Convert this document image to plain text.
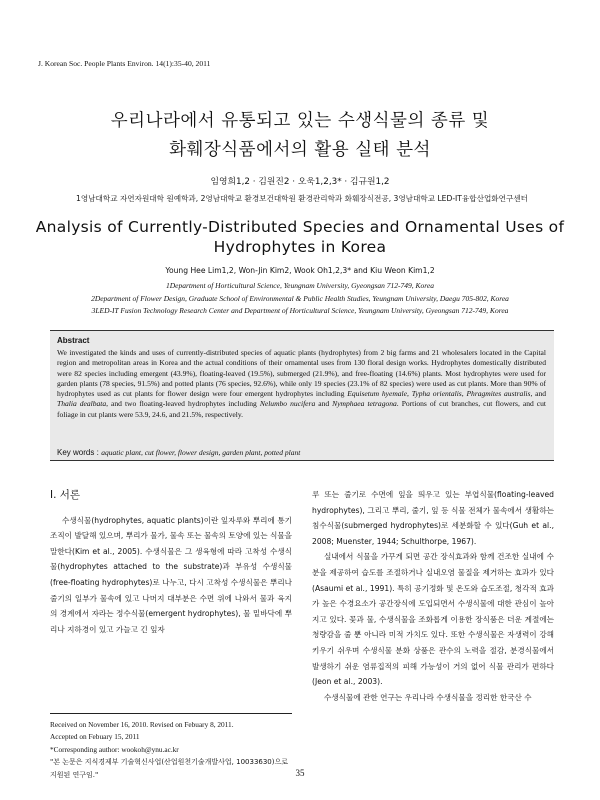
J. Korean Soc. People Plants Environ. 14(1):35-40, 2011
우리나라에서 유통되고 있는 수생식물의 종류 및
화훼장식품에서의 활용 실태 분석
임영희1,2 · 김원진2 · 오욱1,2,3* · 김규원1,2
1영남대학교 자연자원대학 원예학과, 2영남대학교 환경보건대학원 환경관리학과 화훼장식전공, 3영남대학교 LED-IT융합산업화연구센터
Analysis of Currently-Distributed Species and Ornamental Uses of
Hydrophytes in Korea
Young Hee Lim1,2, Won-Jin Kim2, Wook Oh1,2,3* and Kiu Weon Kim1,2
1Department of Horticultural Science, Yeungnam University, Gyeongsan 712-749, Korea
2Department of Flower Design, Graduate School of Environmental & Public Health Studies, Yeungnam University, Daegu 705-802, Korea
3LED-IT Fusion Technology Research Center and Department of Horticultural Science, Yeungnam University, Gyeongsan 712-749, Korea
Abstract
We investigated the kinds and uses of currently-distributed species of aquatic plants (hydrophytes) from 2 big farms and 21 wholesalers located in the Capital region and metropolitan areas in Korea and the actual conditions of their ornamental uses from 130 floral design works. Hydrophytes domestically distributed were 82 species including emergent (43.9%), floating-leaved (19.5%), submerged (21.9%), and free-floating (14.6%) plants. Most hydrophytes were used for garden plants (78 species, 91.5%) and potted plants (76 species, 92.6%), while only 19 species (23.1% of 82 species) were used as cut plants. More than 90% of hydrophytes used as cut plants for flower design were four emergent hydrophytes including Equisetum hyemale, Typha orientalis, Phragmites australis, and Thalia dealbata, and two floating-leaved hydrophytes including Nelumbo nucifera and Nymphaea tetragona. Portions of cut branches, cut flowers, and cut foliage in cut plants were 53.9, 24.6, and 21.5%, respectively.
Key words : aquatic plant, cut flower, flower design, garden plant, potted plant
Ⅰ. 서론

수생식물(hydrophytes, aquatic plants)이란 잎자루와 뿌리에 통기조직이 발달해 있으며, 뿌리가 물가, 물속 또는 물속의 토양에 있는 식물을 말한다(Kim et al., 2005). 수생식물은 그 생육형에 따라 고착성 수생식물(hydrophytes attached to the substrate)과 부유성 수생식물(free-floating hydrophytes)로 나누고, 다시 고착성 수생식물은 뿌리나 줄기의 일부가 물속에 있고 나머지 대부분은 수면 위에 나와서 물과 육지의 경계에서 자라는 정수식물(emergent hydrophytes), 물 밑바닥에 뿌리나 지하경이 있고 가늘고 긴 잎자

루 또는 줄기로 수면에 잎을 띄우고 있는 부엽식물(floating-leaved hydrophytes), 그리고 뿌리, 줄기, 잎 등 식물 전체가 물속에서 생활하는 침수식물(submerged hydrophytes)로 세분화할 수 있다(Guh et al., 2008; Muenster, 1944; Schulthorpe, 1967).

실내에서 식물을 가꾸게 되면 공간 장식효과와 함께 건조한 실내에 수분을 제공하여 습도를 조절하거나 실내오염 물질을 제거하는 효과가 있다(Asaumi et al., 1991). 특히 공기정화 및 온도와 습도조절, 청각적 효과가 높은 수경요소가 공간장식에 도입되면서 수생식물에 대한 관심이 높아지고 있다. 꽃과 물, 수생식물을 조화롭게 이용한 장식품은 더운 계절에는 청량감을 줄 뿐 아니라 미적 가치도 있다. 또한 수생식물은 자생력이 강해 키우기 쉬우며 수생식물 분화 상품은 관수의 노력을 절감, 분경식물에서 발생하기 쉬운 염류집적의 피해 가능성이 거의 없어 식물 관리가 편하다(Jeon et al., 2003).

수생식물에 관한 연구는 우리나라 수생식물을 정리한 한국산 수

Received on November 16, 2010. Revised on Febuary 8, 2011.
Accepted on Febuary 15, 2011
*Corresponding author: wookoh@ynu.ac.kr
"본 논문은 지식경제부 기술혁신사업(산업원천기술개발사업, 10033630)으로 지원된 연구임."	35
